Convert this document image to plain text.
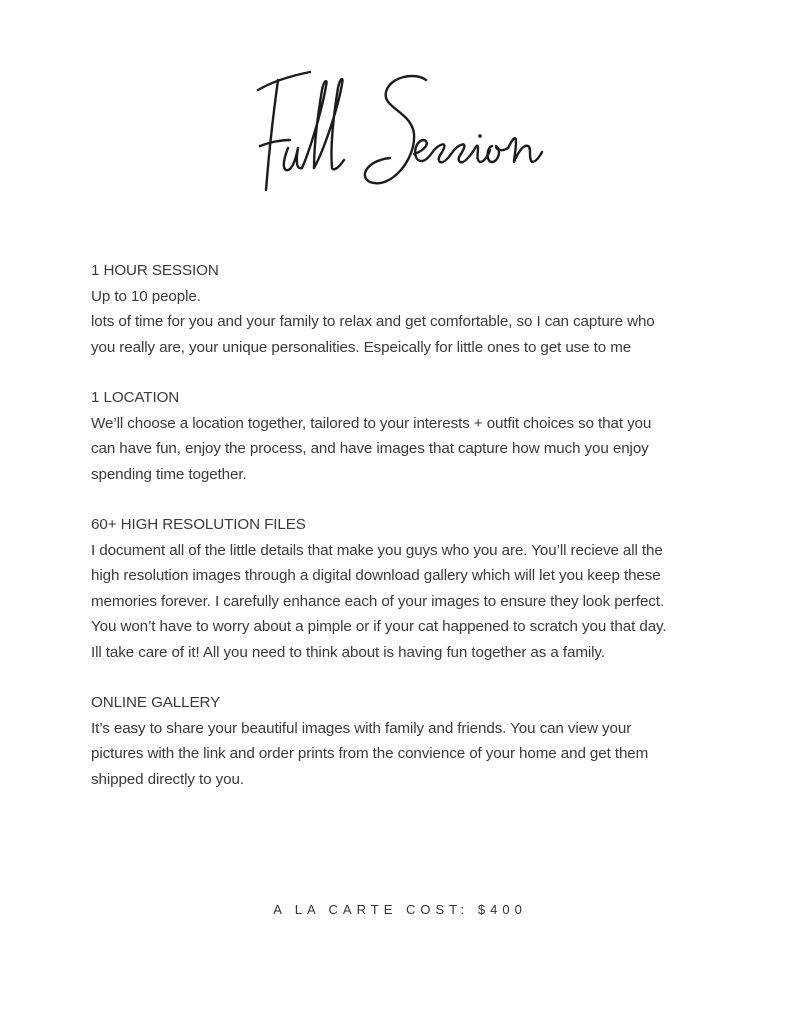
1 HOUR SESSION

Up to 10 people.

lots of time for you and your family to relax and get comfortable, so I can capture who

you really are, your unique personalities. Espeically for little ones to get use to me

1 LOCATION

We’ll choose a location together, tailored to your interests + outfit choices so that you

can have fun, enjoy the process, and have images that capture how much you enjoy

spending time together.

60+ HIGH RESOLUTION FILES

I document all of the little details that make you guys who you are. You’ll recieve all the

high resolution images through a digital download gallery which will let you keep these

memories forever. I carefully enhance each of your images to ensure they look perfect.

You won’t have to worry about a pimple or if your cat happened to scratch you that day.

Ill take care of it! All you need to think about is having fun together as a family.

ONLINE GALLERY

It’s easy to share your beautiful images with family and friends. You can view your

pictures with the link and order prints from the convience of your home and get them

shipped directly to you.

A LA CARTE COST: $400
